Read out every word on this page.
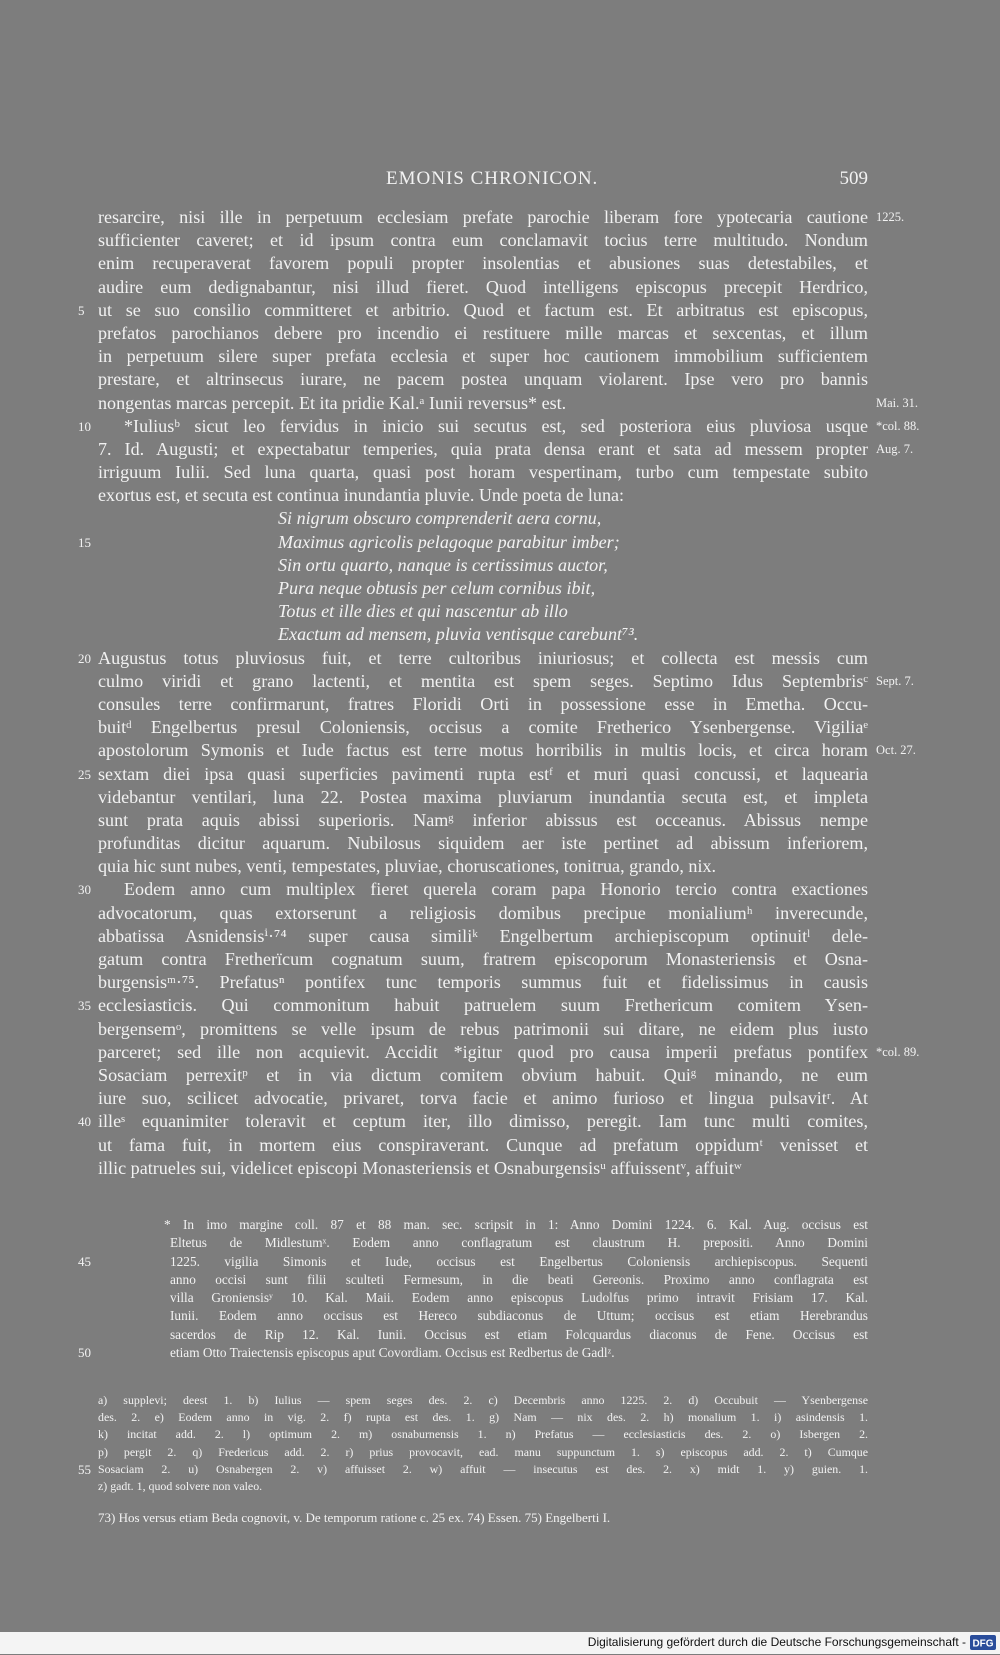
EMONIS CHRONICON.	509
resarcire, nisi ille in perpetuum ecclesiam prefate parochie liberam fore ypotecaria cautione 1225.
sufficienter caveret; et id ipsum contra eum conclamavit tocius terre multitudo. Nondum
enim recuperaverat favorem populi propter insolentias et abusiones suas detestabiles, et
audire eum dedignabantur, nisi illud fieret. Quod intelligens episcopus precepit Herdrico,
ut se suo consilio committeret et arbitrio. Quod et factum est. Et arbitratus est episcopus,
5
prefatos parochianos debere pro incendio ei restituere mille marcas et sexcentas, et illum
in perpetuum silere super prefata ecclesia et super hoc cautionem immobilium sufficientem
prestare, et altrinsecus iurare, ne pacem postea unquam violarent. Ipse vero pro bannis
nongentas marcas percepit. Et ita pridie Kal.ᵃ Iunii reversus* est.	Mai. 31.
*Iuliusᵇ sicut leo fervidus in inicio sui secutus est, sed posteriora eius pluviosa usque
10	*col. 88.
7. Id. Augusti; et expectabatur temperies, quia prata densa erant et sata ad messem propter Aug. 7.
irriguum Iulii. Sed luna quarta, quasi post horam vespertinam, turbo cum tempestate subito
exortus est, et secuta est continua inundantia pluvie. Unde poeta de luna:
Si nigrum obscuro comprenderit aera cornu,
Maximus agricolis pelagoque parabitur imber;
15
Sin ortu quarto, nanque is certissimus auctor,
Pura neque obtusis per celum cornibus ibit,
Totus et ille dies et qui nascentur ab illo
Exactum ad mensem, pluvia ventisque carebunt⁷³.
Augustus totus pluviosus fuit, et terre cultoribus iniuriosus; et collecta est messis cum
20
culmo viridi et grano lactenti, et mentita est spem seges. Septimo Idus Septembrisᶜ Sept. 7.
consules terre confirmarunt, fratres Floridi Orti in possessione esse in Emetha. Occu-
buitᵈ Engelbertus presul Coloniensis, occisus a comite Fretherico Ysenbergense. Vigiliaᵉ
apostolorum Symonis et Iude factus est terre motus horribilis in multis locis, et circa horam Oct. 27.
sextam diei ipsa quasi superficies pavimenti rupta estᶠ et muri quasi concussi, et laquearia
25
videbantur ventilari, luna 22. Postea maxima pluviarum inundantia secuta est, et impleta
sunt prata aquis abissi superioris. Namᵍ inferior abissus est occeanus. Abissus nempe
profunditas dicitur aquarum. Nubilosus siquidem aer iste pertinet ad abissum inferiorem,
quia hic sunt nubes, venti, tempestates, pluviae, choruscationes, tonitrua, grando, nix.
Eodem anno cum multiplex fieret querela coram papa Honorio tercio contra exactiones
30
advocatorum, quas extorserunt a religiosis domibus precipue monialiumʰ inverecunde,
abbatissa Asnidensisⁱ·⁷⁴ super causa similiᵏ Engelbertum archiepiscopum optinuitˡ dele-
gatum contra Fretherïcum cognatum suum, fratrem episcoporum Monasteriensis et Osna-
burgensisᵐ·⁷⁵. Prefatusⁿ pontifex tunc temporis summus fuit et fidelissimus in causis
ecclesiasticis. Qui commonitum habuit patruelem suum Frethericum comitem Ysen-
35
bergensemᵒ, promittens se velle ipsum de rebus patrimonii sui ditare, ne eidem plus iusto
parceret; sed ille non acquievit. Accidit *igitur quod pro causa imperii prefatus pontifex *col. 89.
Sosaciam perrexitᵖ et in via dictum comitem obvium habuit. Quiᵍ minando, ne eum
iure suo, scilicet advocatie, privaret, torva facie et animo furioso et lingua pulsavitʳ. At
illeˢ equanimiter toleravit et ceptum iter, illo dimisso, peregit. Iam tunc multi comites,
40
ut fama fuit, in mortem eius conspiraverant. Cunque ad prefatum oppidumᵗ venisset et
illic patrueles sui, videlicet episcopi Monasteriensis et Osnaburgensisᵘ affuissentᵛ, affuitʷ
* In imo margine coll. 87 et 88 man. sec. scripsit in 1: Anno Domini 1224. 6. Kal. Aug. occisus est
Eltetus de Midlestumˣ. Eodem anno conflagratum est claustrum H. prepositi. Anno Domini
1225. vigilia Simonis et Iude, occisus est Engelbertus Coloniensis archiepiscopus. Sequenti
45
anno occisi sunt filii sculteti Fermesum, in die beati Gereonis. Proximo anno conflagrata est
villa Groniensisʸ 10. Kal. Maii. Eodem anno episcopus Ludolfus primo intravit Frisiam 17. Kal.
Iunii. Eodem anno occisus est Hereco subdiaconus de Uttum; occisus est etiam Herebrandus
sacerdos de Rip 12. Kal. Iunii. Occisus est etiam Folcquardus diaconus de Fene. Occisus est
etiam Otto Traiectensis episcopus aput Covordiam. Occisus est Redbertus de Gadlᶻ.
50
a) supplevi; deest 1. b) Iulius — spem seges des. 2. c) Decembris anno 1225. 2. d) Occubuit — Ysenbergense
des. 2. e) Eodem anno in vig. 2. f) rupta est des. 1. g) Nam — nix des. 2. h) monalium 1. i) asindensis 1.
k) incitat add. 2. l) optimum 2. m) osnaburnensis 1. n) Prefatus — ecclesiasticis des. 2. o) Isbergen 2.
p) pergit 2. q) Fredericus add. 2. r) prius provocavit, ead. manu suppunctum 1. s) episcopus add. 2. t) Cumque
Sosaciam 2. u) Osnabergen 2. v) affuisset 2. w) affuit — insecutus est des. 2. x) midt 1. y) guien. 1.
55
z) gadt. 1, quod solvere non valeo.
73) Hos versus etiam Beda cognovit, v. De temporum ratione c. 25 ex. 74) Essen. 75) Engelberti I.
Digitalisierung gefördert durch die Deutsche Forschungsgemeinschaft - DFG
